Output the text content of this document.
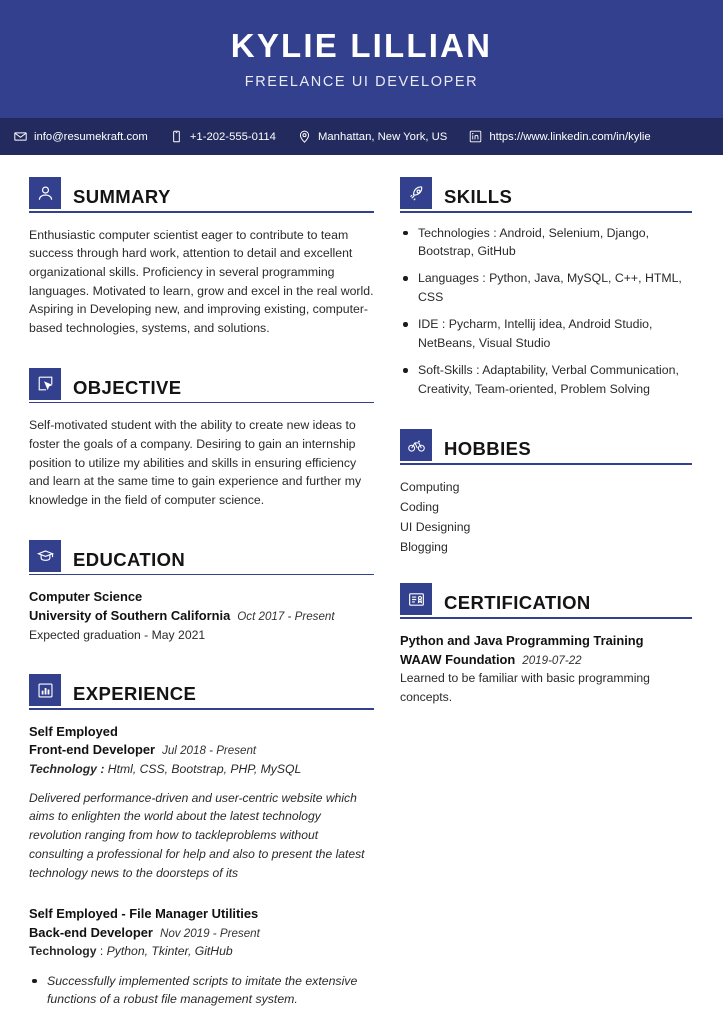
KYLIE LILLIAN
FREELANCE UI DEVELOPER
info@resumekraft.com	+1-202-555-0114	Manhattan, New York, US	https://www.linkedin.com/in/kylie
SUMMARY
Enthusiastic computer scientist eager to contribute to team success through hard work, attention to detail and excellent organizational skills. Proficiency in several programming languages. Motivated to learn, grow and excel in the real world. Aspiring in Developing new, and improving existing, computer-based technologies, systems, and solutions.
OBJECTIVE
Self-motivated student with the ability to create new ideas to foster the goals of a company. Desiring to gain an internship position to utilize my abilities and skills in ensuring efficiency and learn at the same time to gain experience and further my knowledge in the field of computer science.
EDUCATION
Computer Science
University of Southern California Oct 2017 - Present
Expected graduation - May 2021
EXPERIENCE
Self Employed
Front-end Developer Jul 2018 - Present
Technology : Html, CSS, Bootstrap, PHP, MySQL
Delivered performance-driven and user-centric website which aims to enlighten the world about the latest technology revolution ranging from how to tackleproblems without consulting a professional for help and also to present the latest technology news to the doorsteps of its
Self Employed - File Manager Utilities
Back-end Developer Nov 2019 - Present
Technology : Python, Tkinter, GitHub
Successfully implemented scripts to imitate the extensive functions of a robust file management system.
SKILLS
Technologies : Android, Selenium, Django, Bootstrap, GitHub
Languages : Python, Java, MySQL, C++, HTML, CSS
IDE : Pycharm, Intellij idea, Android Studio, NetBeans, Visual Studio
Soft-Skills : Adaptability, Verbal Communication, Creativity, Team-oriented, Problem Solving
HOBBIES
Computing
Coding
UI Designing
Blogging
CERTIFICATION
Python and Java Programming Training
WAAW Foundation 2019-07-22
Learned to be familiar with basic programming concepts.
